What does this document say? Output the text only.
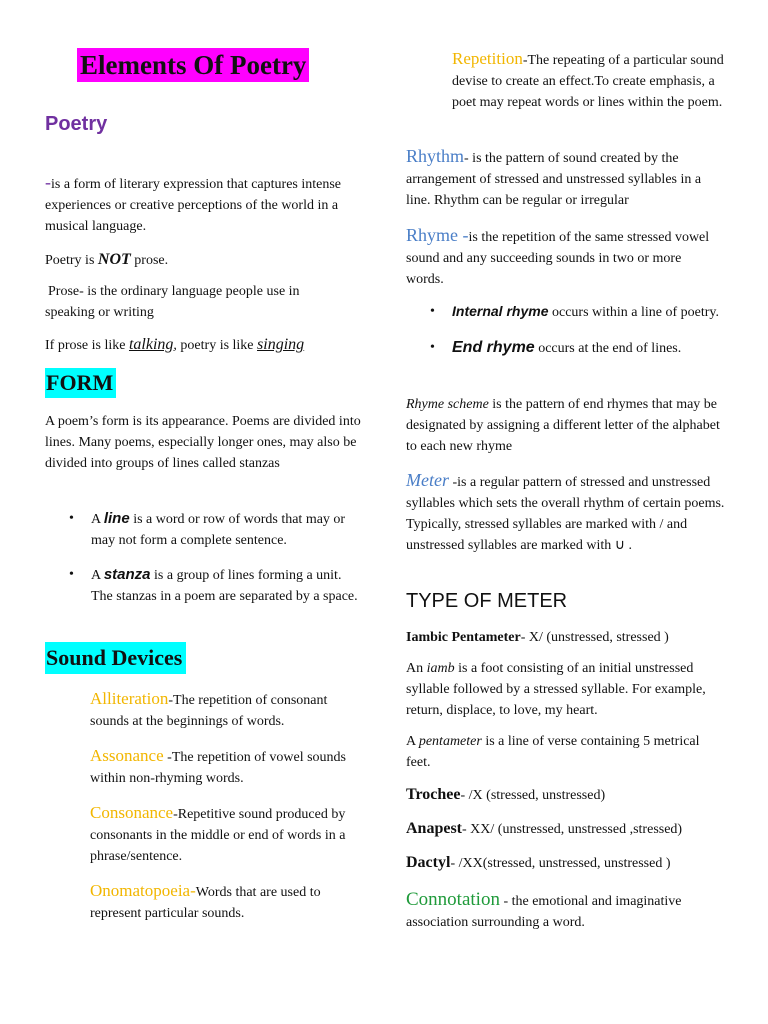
Elements Of Poetry
Poetry

-is a form of literary expression that captures intense experiences or creative perceptions of the world in a musical language.

Poetry is NOT prose.

Prose- is the ordinary language people use in speaking or writing

If prose is like talking, poetry is like singing

FORM

A poem’s form is its appearance. Poems are divided into lines. Many poems, especially longer ones, may also be divided into groups of lines called stanzas

• A line is a word or row of words that may or may not form a complete sentence.
• A stanza is a group of lines forming a unit. The stanzas in a poem are separated by a space.
Sound Devices

Alliteration-The repetition of consonant sounds at the beginnings of words.

Assonance -The repetition of vowel sounds within non-rhyming words.

Consonance-Repetitive sound produced by consonants in the middle or end of words in a phrase/sentence.

Onomatopoeia-Words that are used to represent particular sounds.

Repetition-The repeating of a particular sound devise to create an effect.To create emphasis, a poet may repeat words or lines within the poem.

Rhythm- is the pattern of sound created by the arrangement of stressed and unstressed syllables in a line. Rhythm can be regular or irregular

Rhyme -is the repetition of the same stressed vowel sound and any succeeding sounds in two or more words.

• Internal rhyme occurs within a line of poetry.
• End rhyme occurs at the end of lines.

Rhyme scheme is the pattern of end rhymes that may be designated by assigning a different letter of the alphabet to each new rhyme

Meter -is a regular pattern of stressed and unstressed syllables which sets the overall rhythm of certain poems. Typically, stressed syllables are marked with / and unstressed syllables are marked with ∪ .

TYPE OF METER

Iambic Pentameter- X/ (unstressed, stressed )

An iamb is a foot consisting of an initial unstressed syllable followed by a stressed syllable. For example, return, displace, to love, my heart.

A pentameter is a line of verse containing 5 metrical feet.

Trochee- /X (stressed, unstressed)

Anapest- XX/ (unstressed, unstressed ,stressed)

Dactyl- /XX(stressed, unstressed, unstressed )

Connotation - the emotional and imaginative association surrounding a word.
